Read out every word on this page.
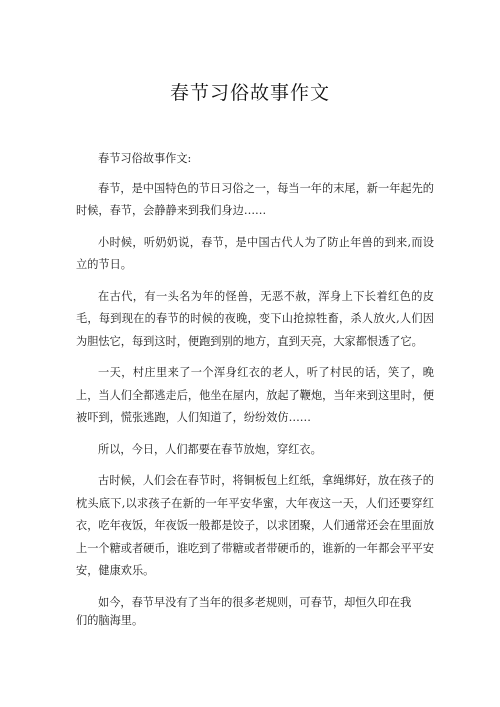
春节习俗故事作文

春节习俗故事作文:

春节，是中国特色的节日习俗之一，每当一年的末尾，新一年起先的时候，春节，会静静来到我们身边……

小时候，听奶奶说，春节，是中国古代人为了防止年兽的到来,而设立的节日。

在古代，有一头名为年的怪兽，无恶不赦，浑身上下长着红色的皮毛，每到现在的春节的时候的夜晚，变下山抢掠牲畜，杀人放火,人们因为胆怯它，每到这时，便跑到别的地方，直到天亮，大家都恨透了它。

一天，村庄里来了一个浑身红衣的老人，听了村民的话，笑了，晚上，当人们全都逃走后，他坐在屋内，放起了鞭炮，当年来到这里时，便被吓到，慌张逃跑，人们知道了，纷纷效仿……

所以，今日，人们都要在春节放炮，穿红衣。

古时候，人们会在春节时，将铜板包上红纸，拿绳绑好，放在孩子的枕头底下,以求孩子在新的一年平安华蜜，大年夜这一天，人们还要穿红衣，吃年夜饭，年夜饭一般都是饺子，以求团聚，人们通常还会在里面放上一个糖或者硬币，谁吃到了带糖或者带硬币的，谁新的一年都会平平安安，健康欢乐。

如今，春节早没有了当年的很多老规则，可春节，却恒久印在我

们的脑海里。
